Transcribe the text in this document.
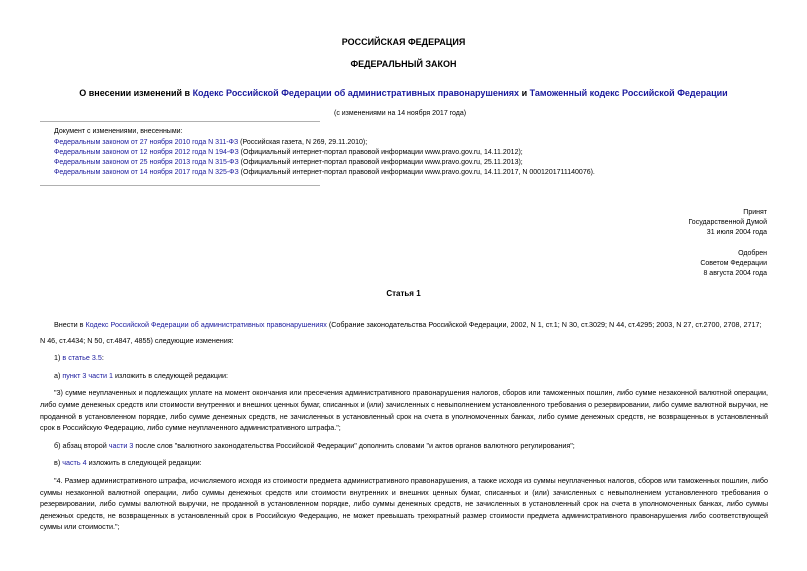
РОССИЙСКАЯ ФЕДЕРАЦИЯ
ФЕДЕРАЛЬНЫЙ ЗАКОН
О внесении изменений в Кодекс Российской Федерации об административных правонарушениях и Таможенный кодекс Российской Федерации
(с изменениями на 14 ноября 2017 года)
Документ с изменениями, внесенными:
Федеральным законом от 27 ноября 2010 года N 311-ФЗ (Российская газета, N 269, 29.11.2010);
Федеральным законом от 12 ноября 2012 года N 194-ФЗ (Официальный интернет-портал правовой информации www.pravo.gov.ru, 14.11.2012);
Федеральным законом от 25 ноября 2013 года N 315-ФЗ (Официальный интернет-портал правовой информации www.pravo.gov.ru, 25.11.2013);
Федеральным законом от 14 ноября 2017 года N 325-ФЗ (Официальный интернет-портал правовой информации www.pravo.gov.ru, 14.11.2017, N 0001201711140076).
Принят
Государственной Думой
31 июля 2004 года
Одобрен
Советом Федерации
8 августа 2004 года
Статья 1
Внести в Кодекс Российской Федерации об административных правонарушениях (Собрание законодательства Российской Федерации, 2002, N 1, ст.1; N 30, ст.3029; N 44, ст.4295; 2003, N 27, ст.2700, 2708, 2717;
N 46, ст.4434; N 50, ст.4847, 4855) следующие изменения:
1) в статье 3.5:
а) пункт 3 части 1 изложить в следующей редакции:
"3) сумме неуплаченных и подлежащих уплате на момент окончания или пресечения административного правонарушения налогов, сборов или таможенных пошлин, либо сумме незаконной валютной операции, либо сумме денежных средств или стоимости внутренних и внешних ценных бумаг, списанных и (или) зачисленных с невыполнением установленного требования о резервировании, либо сумме валютной выручки, не проданной в установленном порядке, либо сумме денежных средств, не зачисленных в установленный срок на счета в уполномоченных банках, либо сумме денежных средств, не возвращенных в установленный срок в Российскую Федерацию, либо сумме неуплаченного административного штрафа.";
б) абзац второй части 3 после слов "валютного законодательства Российской Федерации" дополнить словами "и актов органов валютного регулирования";
в) часть 4 изложить в следующей редакции:
"4. Размер административного штрафа, исчисляемого исходя из стоимости предмета административного правонарушения, а также исходя из суммы неуплаченных налогов, сборов или таможенных пошлин, либо суммы незаконной валютной операции, либо суммы денежных средств или стоимости внутренних и внешних ценных бумаг, списанных и (или) зачисленных с невыполнением установленного требования о резервировании, либо суммы валютной выручки, не проданной в установленном порядке, либо суммы денежных средств, не зачисленных в установленный срок на счета в уполномоченных банках, либо суммы денежных средств, не возвращенных в установленный срок в Российскую Федерацию, не может превышать трехкратный размер стоимости предмета административного правонарушения либо соответствующей суммы или стоимости.";
